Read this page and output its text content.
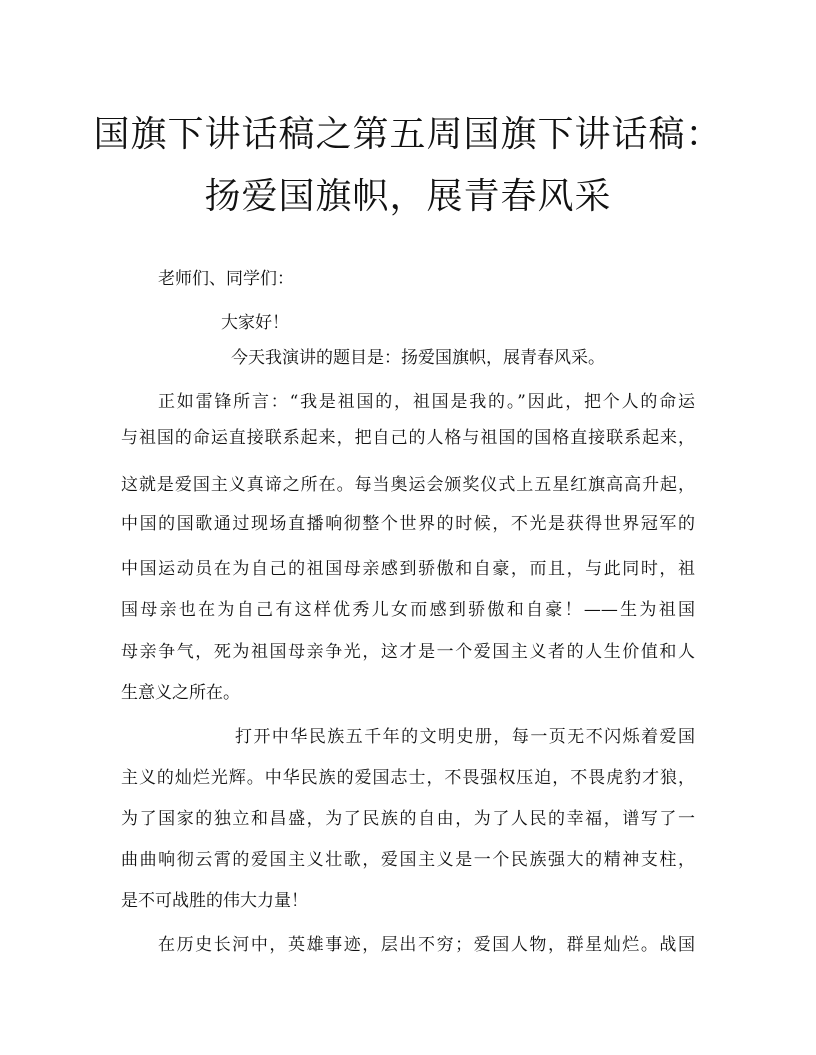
国旗下讲话稿之第五周国旗下讲话稿：
扬爱国旗帜，展青春风采

老师们、同学们：

大家好！

今天我演讲的题目是：扬爱国旗帜，展青春风采。

正如雷锋所言：“我是祖国的，祖国是我的。”因此，把个人的命运

与祖国的命运直接联系起来，把自己的人格与祖国的国格直接联系起来，

这就是爱国主义真谛之所在。每当奥运会颁奖仪式上五星红旗高高升起，

中国的国歌通过现场直播响彻整个世界的时候，不光是获得世界冠军的

中国运动员在为自己的祖国母亲感到骄傲和自豪，而且，与此同时，祖

国母亲也在为自己有这样优秀儿女而感到骄傲和自豪！——生为祖国

母亲争气，死为祖国母亲争光，这才是一个爱国主义者的人生价值和人

生意义之所在。

打开中华民族五千年的文明史册，每一页无不闪烁着爱国

主义的灿烂光辉。中华民族的爱国志士，不畏强权压迫，不畏虎豹才狼，

为了国家的独立和昌盛，为了民族的自由，为了人民的幸福，谱写了一

曲曲响彻云霄的爱国主义壮歌，爱国主义是一个民族强大的精神支柱，

是不可战胜的伟大力量！

在历史长河中，英雄事迹，层出不穷；爱国人物，群星灿烂。战国
